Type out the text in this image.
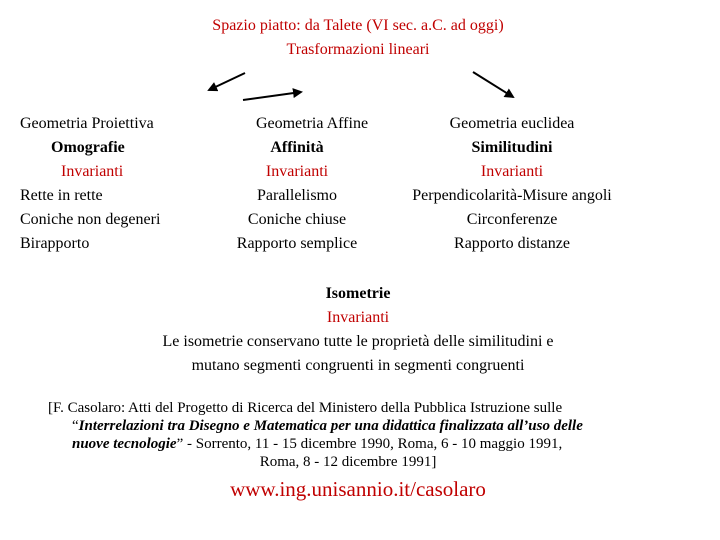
Spazio piatto: da Talete (VI sec. a.C. ad oggi)
Trasformazioni lineari
Geometria Proiettiva
Omografie
Invarianti
Rette in rette
Coniche non degeneri
Birapporto
Geometria Affine
Affinità
Invarianti
Parallelismo
Coniche chiuse
Rapporto semplice
Geometria euclidea
Similitudini
Invarianti
Perpendicolarità-Misure angoli
Circonferenze
Rapporto distanze
Isometrie
Invarianti
Le isometrie conservano tutte le proprietà delle similitudini e
mutano segmenti congruenti in segmenti congruenti
[F. Casolaro: Atti del Progetto di Ricerca del Ministero della Pubblica Istruzione sulle
“Interrelazioni tra Disegno e Matematica per una didattica finalizzata all’uso delle
nuove tecnologie” - Sorrento, 11 - 15 dicembre 1990, Roma, 6 - 10 maggio 1991,
Roma, 8 - 12 dicembre 1991]
www.ing.unisannio.it/casolaro
